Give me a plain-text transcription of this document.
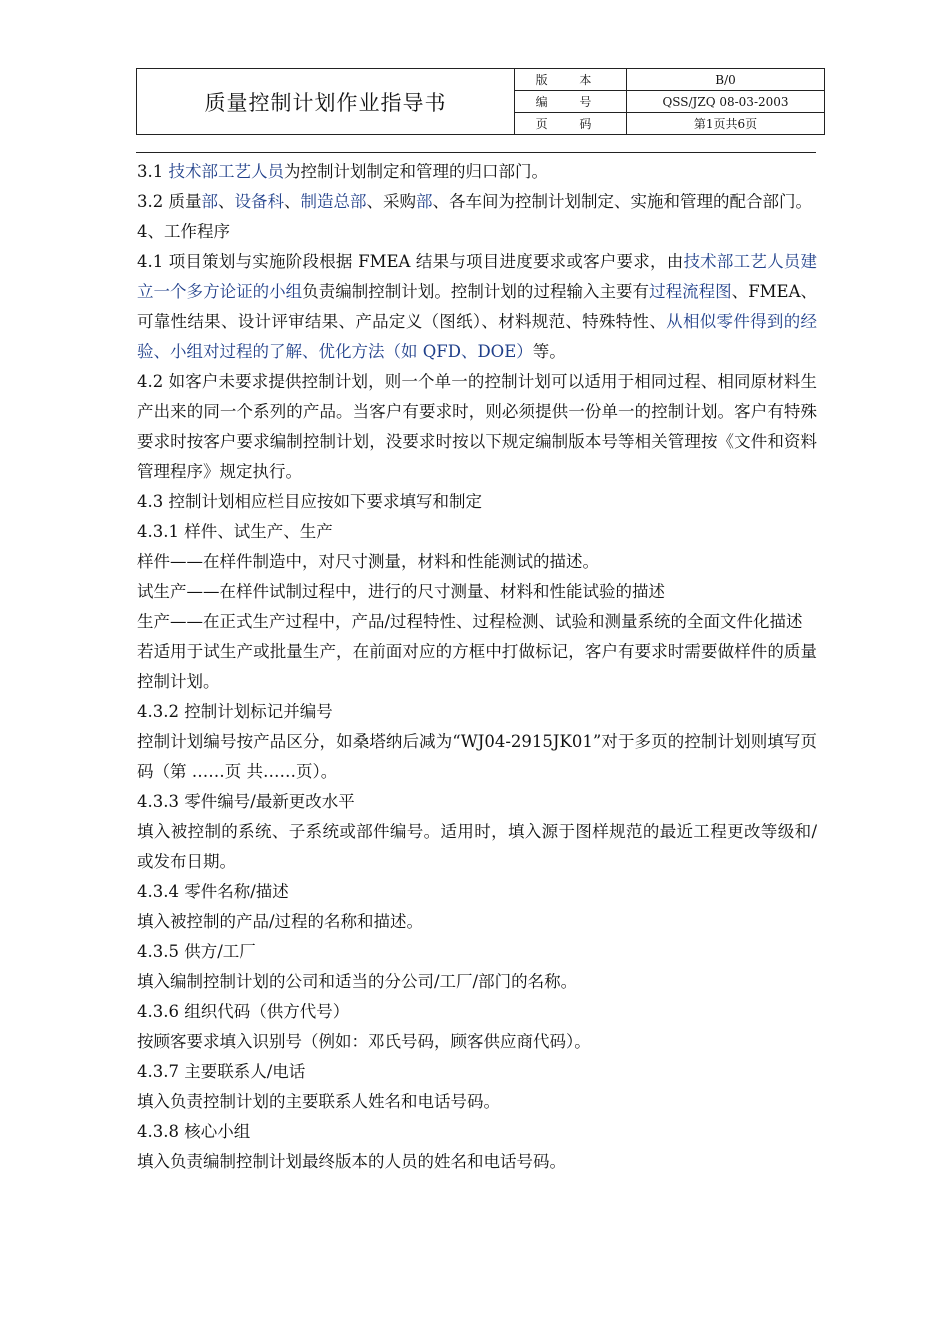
质量控制计划作业指导书	版 本	B/0
	编 号	QSS/JZQ 08-03-2003
	页 码	第1页共6页

3.1 技术部工艺人员为控制计划制定和管理的归口部门。

3.2 质量部、设备科、制造总部、采购部、各车间为控制计划制定、实施和管理的配合部门。

4、工作程序

4.1 项目策划与实施阶段根据 FMEA 结果与项目进度要求或客户要求，由技术部工艺人员建立一个多方论证的小组负责编制控制计划。控制计划的过程输入主要有过程流程图、FMEA、可靠性结果、设计评审结果、产品定义（图纸）、材料规范、特殊特性、从相似零件得到的经验、小组对过程的了解、优化方法（如 QFD、DOE）等。

4.2 如客户未要求提供控制计划，则一个单一的控制计划可以适用于相同过程、相同原材料生产出来的同一个系列的产品。当客户有要求时，则必须提供一份单一的控制计划。客户有特殊要求时按客户要求编制控制计划，没要求时按以下规定编制版本号等相关管理按《文件和资料管理程序》规定执行。

4.3 控制计划相应栏目应按如下要求填写和制定

4.3.1 样件、试生产、生产

样件——在样件制造中，对尺寸测量，材料和性能测试的描述。

试生产——在样件试制过程中，进行的尺寸测量、材料和性能试验的描述

生产——在正式生产过程中，产品/过程特性、过程检测、试验和测量系统的全面文件化描述

若适用于试生产或批量生产，在前面对应的方框中打做标记，客户有要求时需要做样件的质量控制计划。

4.3.2 控制计划标记并编号

控制计划编号按产品区分，如桑塔纳后减为“WJ04-2915JK01”对于多页的控制计划则填写页码（第 ……页 共……页）。

4.3.3 零件编号/最新更改水平

填入被控制的系统、子系统或部件编号。适用时，填入源于图样规范的最近工程更改等级和/或发布日期。

4.3.4 零件名称/描述

填入被控制的产品/过程的名称和描述。

4.3.5 供方/工厂

填入编制控制计划的公司和适当的分公司/工厂/部门的名称。

4.3.6 组织代码（供方代号）

按顾客要求填入识别号（例如：邓氏号码，顾客供应商代码）。

4.3.7 主要联系人/电话

填入负责控制计划的主要联系人姓名和电话号码。

4.3.8 核心小组

填入负责编制控制计划最终版本的人员的姓名和电话号码。
